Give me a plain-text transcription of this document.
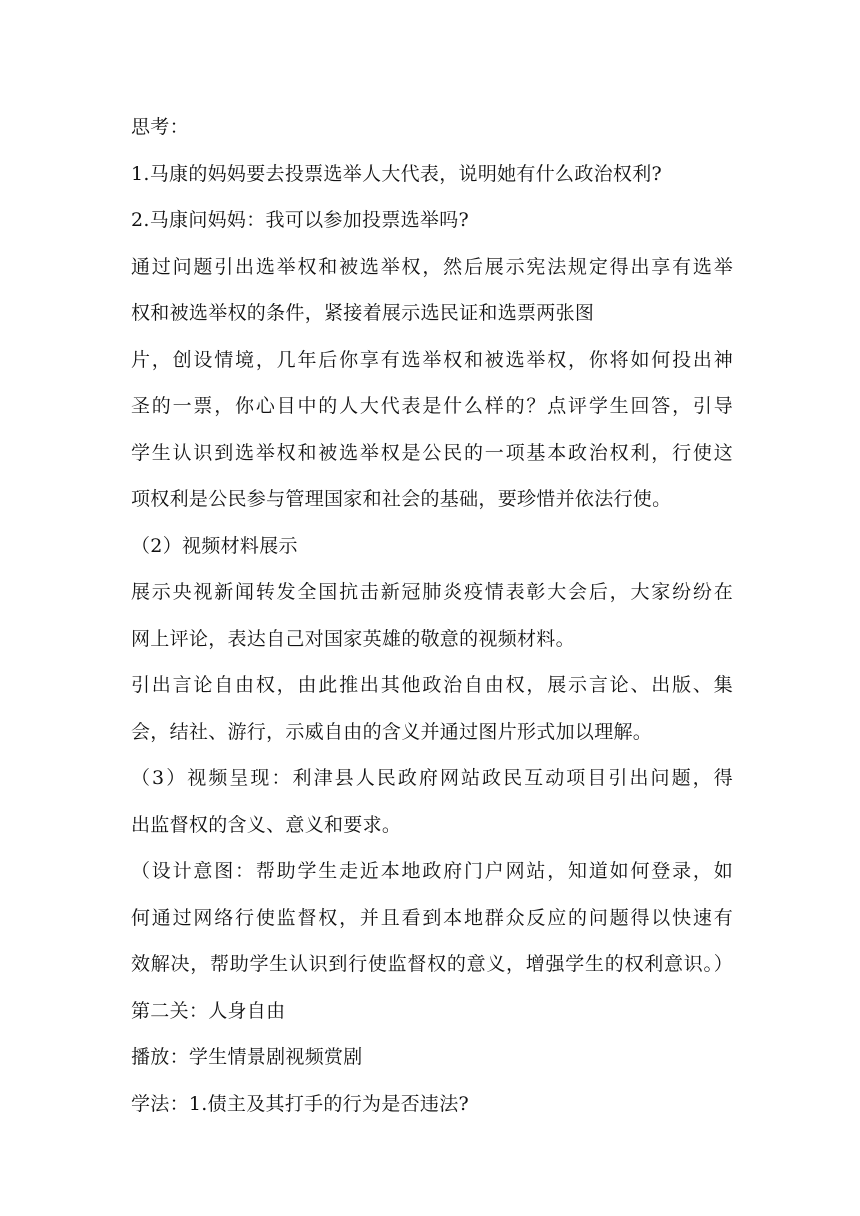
思考：
1.马康的妈妈要去投票选举人大代表，说明她有什么政治权利?
2.马康问妈妈：我可以参加投票选举吗?
通过问题引出选举权和被选举权，然后展示宪法规定得出享有选举
权和被选举权的条件，紧接着展示选民证和选票两张图
片，创设情境，几年后你享有选举权和被选举权，你将如何投出神
圣的一票，你心目中的人大代表是什么样的？点评学生回答，引导
学生认识到选举权和被选举权是公民的一项基本政治权利，行使这
项权利是公民参与管理国家和社会的基础，要珍惜并依法行使。
（2）视频材料展示
展示央视新闻转发全国抗击新冠肺炎疫情表彰大会后，大家纷纷在
网上评论，表达自己对国家英雄的敬意的视频材料。
引出言论自由权，由此推出其他政治自由权，展示言论、出版、集
会，结社、游行，示威自由的含义并通过图片形式加以理解。
（3）视频呈现：利津县人民政府网站政民互动项目引出问题，得
出监督权的含义、意义和要求。
（设计意图：帮助学生走近本地政府门户网站，知道如何登录，如
何通过网络行使监督权，并且看到本地群众反应的问题得以快速有
效解决，帮助学生认识到行使监督权的意义，增强学生的权利意识。）
第二关：人身自由
播放：学生情景剧视频赏剧
学法：1.债主及其打手的行为是否违法?
